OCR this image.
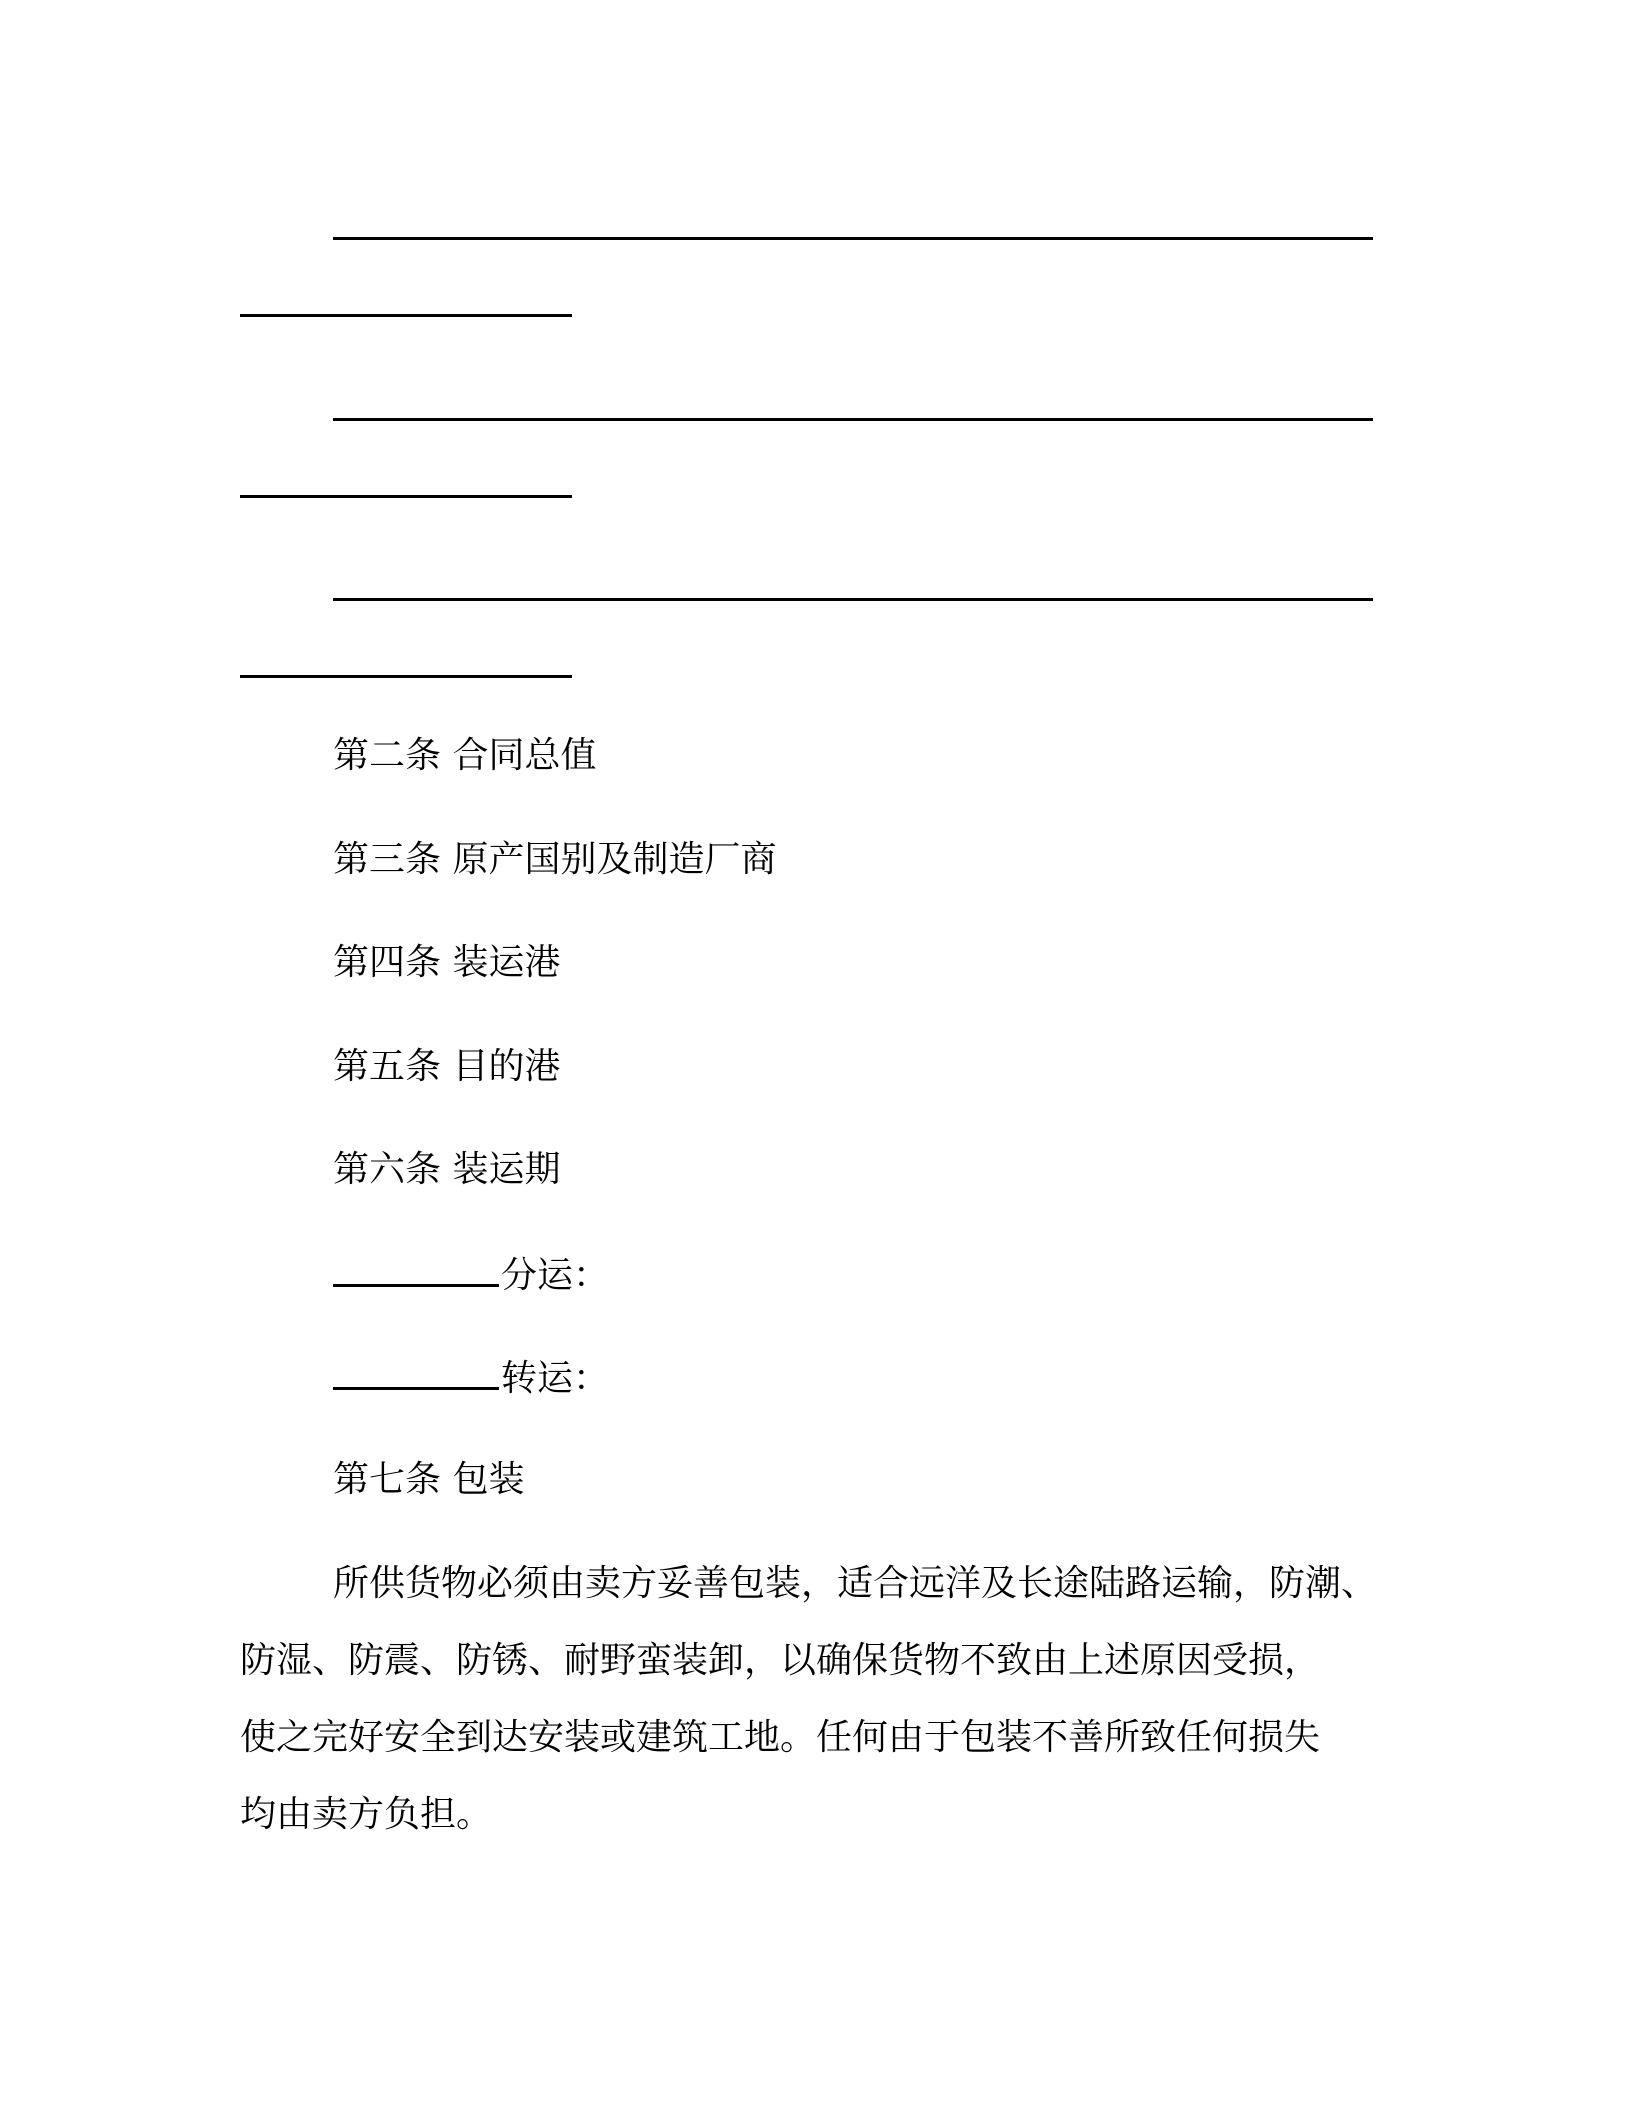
第二条 合同总值
第三条 原产国别及制造厂商
第四条 装运港
第五条 目的港
第六条 装运期
分运：
转运：
第七条 包装
所供货物必须由卖方妥善包装，适合远洋及长途陆路运输，防潮、
防湿、防震、防锈、耐野蛮装卸，以确保货物不致由上述原因受损，
使之完好安全到达安装或建筑工地。任何由于包装不善所致任何损失
均由卖方负担。
